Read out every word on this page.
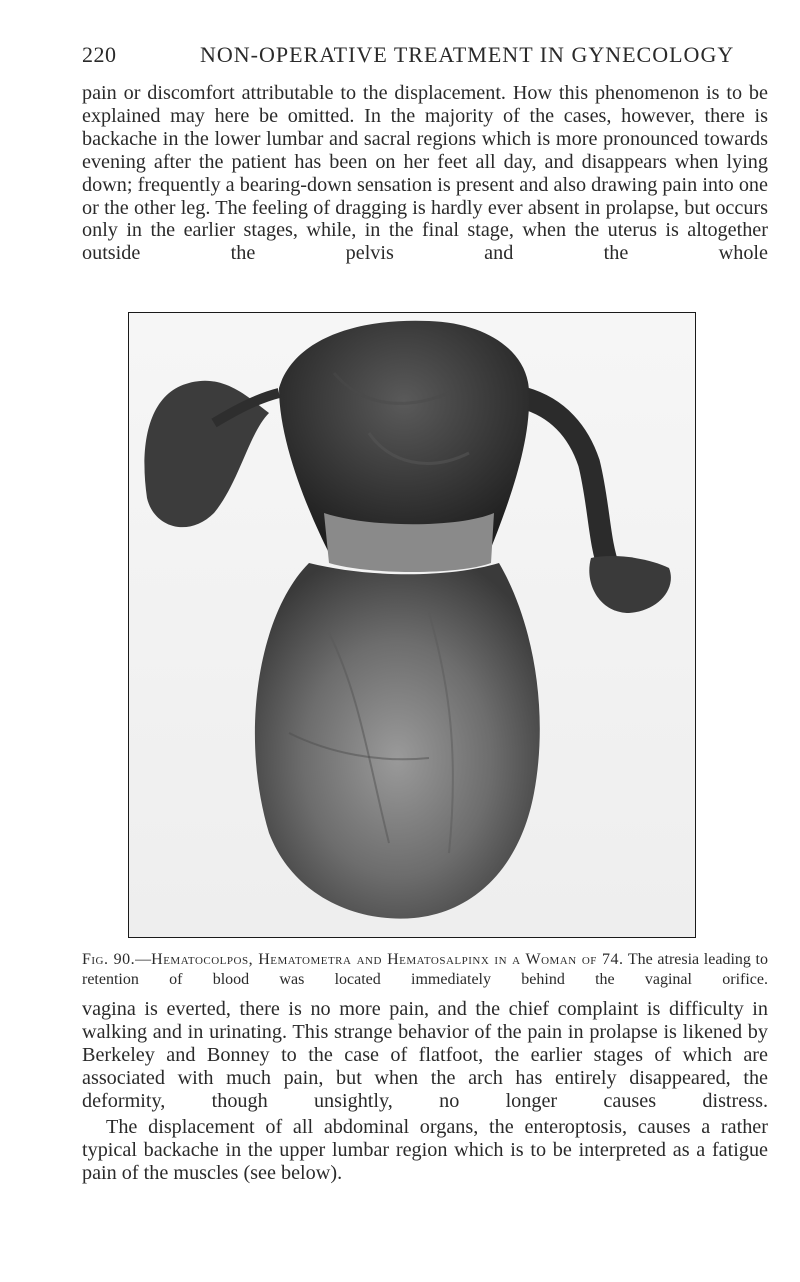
220	NON-OPERATIVE TREATMENT IN GYNECOLOGY

pain or discomfort attributable to the displacement. How this phenomenon is to be explained may here be omitted. In the majority of the cases, however, there is backache in the lower lumbar and sacral regions which is more pronounced towards evening after the patient has been on her feet all day, and disappears when lying down; frequently a bearing-down sensation is present and also drawing pain into one or the other leg. The feeling of dragging is hardly ever absent in prolapse, but occurs only in the earlier stages, while, in the final stage, when the uterus is altogether outside the pelvis and the whole

Fig. 90.—Hematocolpos, Hematometra and Hematosalpinx in a Woman of 74. The atresia leading to retention of blood was located immediately behind the vaginal orifice.

vagina is everted, there is no more pain, and the chief complaint is difficulty in walking and in urinating. This strange behavior of the pain in prolapse is likened by Berkeley and Bonney to the case of flatfoot, the earlier stages of which are associated with much pain, but when the arch has entirely disappeared, the deformity, though unsightly, no longer causes distress.

The displacement of all abdominal organs, the enteroptosis, causes a rather typical backache in the upper lumbar region which is to be interpreted as a fatigue pain of the muscles (see below).
